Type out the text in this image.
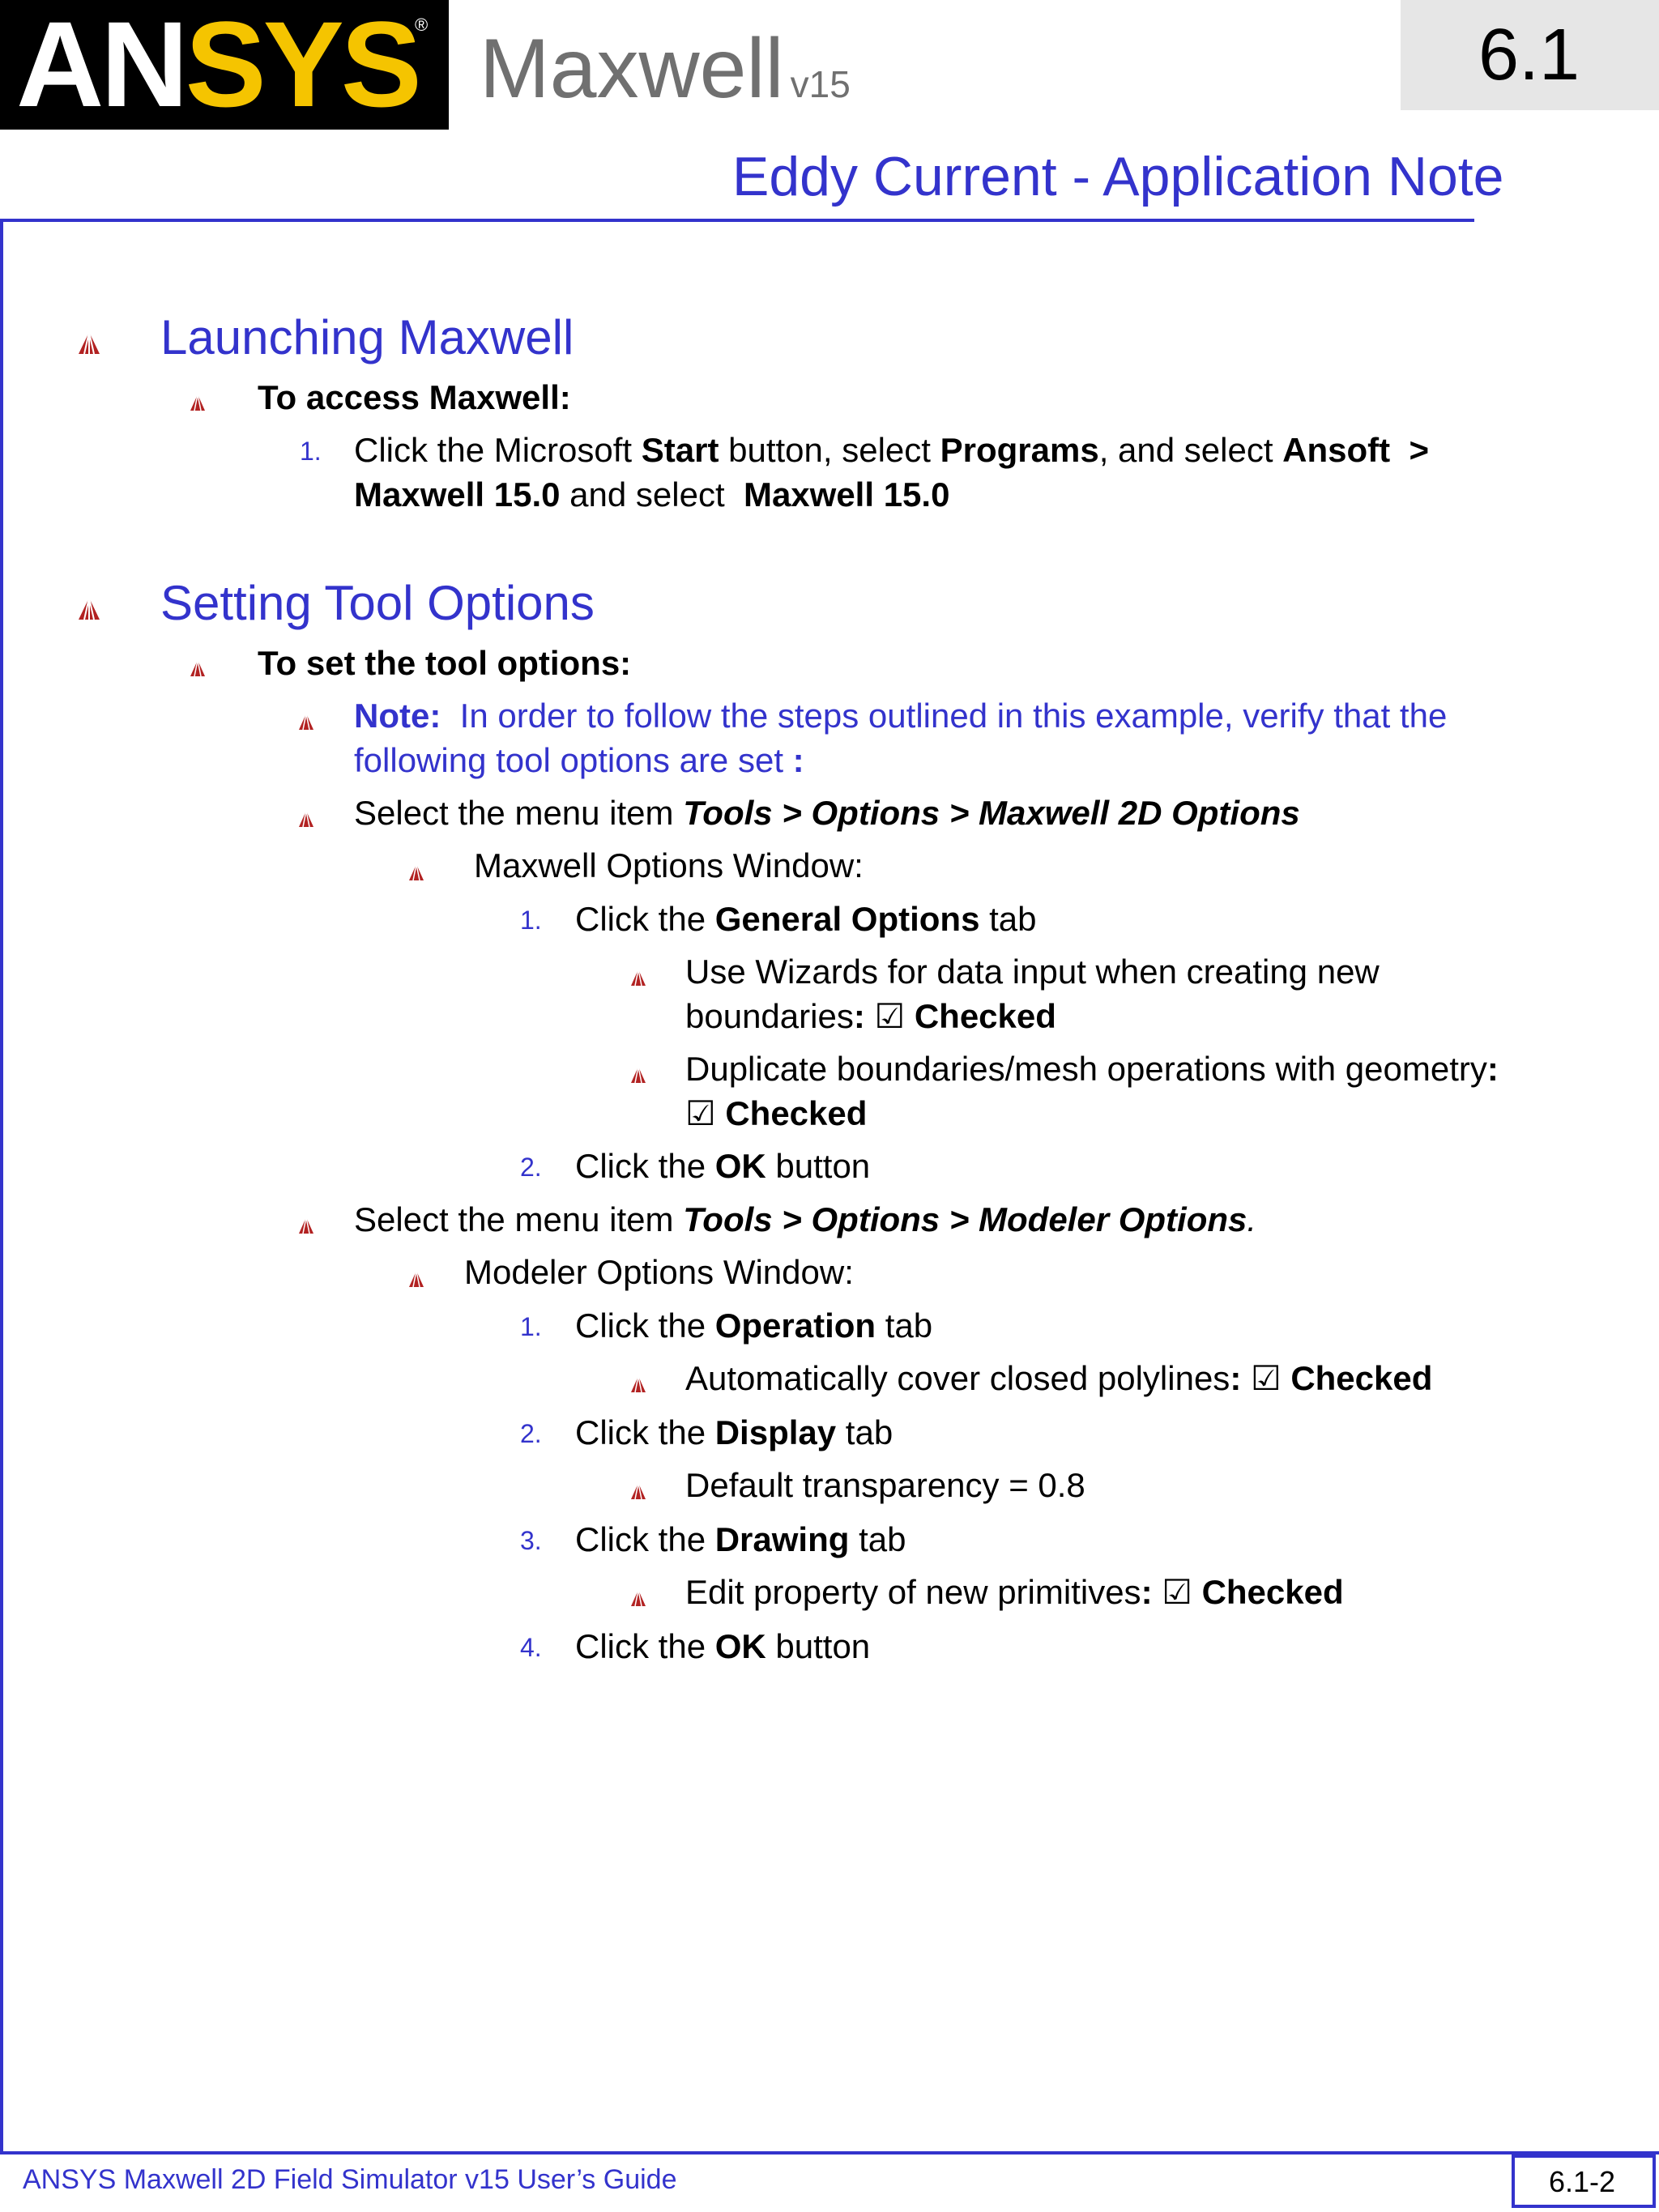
ANSYS
® Maxwell v15	6.1
Eddy Current - Application Note
Launching Maxwell
To access Maxwell:
1. Click the Microsoft Start button, select Programs, and select Ansoft  >
Maxwell 15.0 and select  Maxwell 15.0
Setting Tool Options
To set the tool options:
Note:  In order to follow the steps outlined in this example, verify that the
following tool options are set :
Select the menu item Tools > Options > Maxwell 2D Options
Maxwell Options Window:
1. Click the General Options tab
Use Wizards for data input when creating new
boundaries: ☑ Checked
Duplicate boundaries/mesh operations with geometry:
☑ Checked
2. Click the OK button
Select the menu item Tools > Options > Modeler Options.
Modeler Options Window:
1. Click the Operation tab
Automatically cover closed polylines: ☑ Checked
2. Click the Display tab
Default transparency = 0.8
3. Click the Drawing tab
Edit property of new primitives: ☑ Checked
4. Click the OK button
ANSYS Maxwell 2D Field Simulator v15 User’s Guide	6.1-2
